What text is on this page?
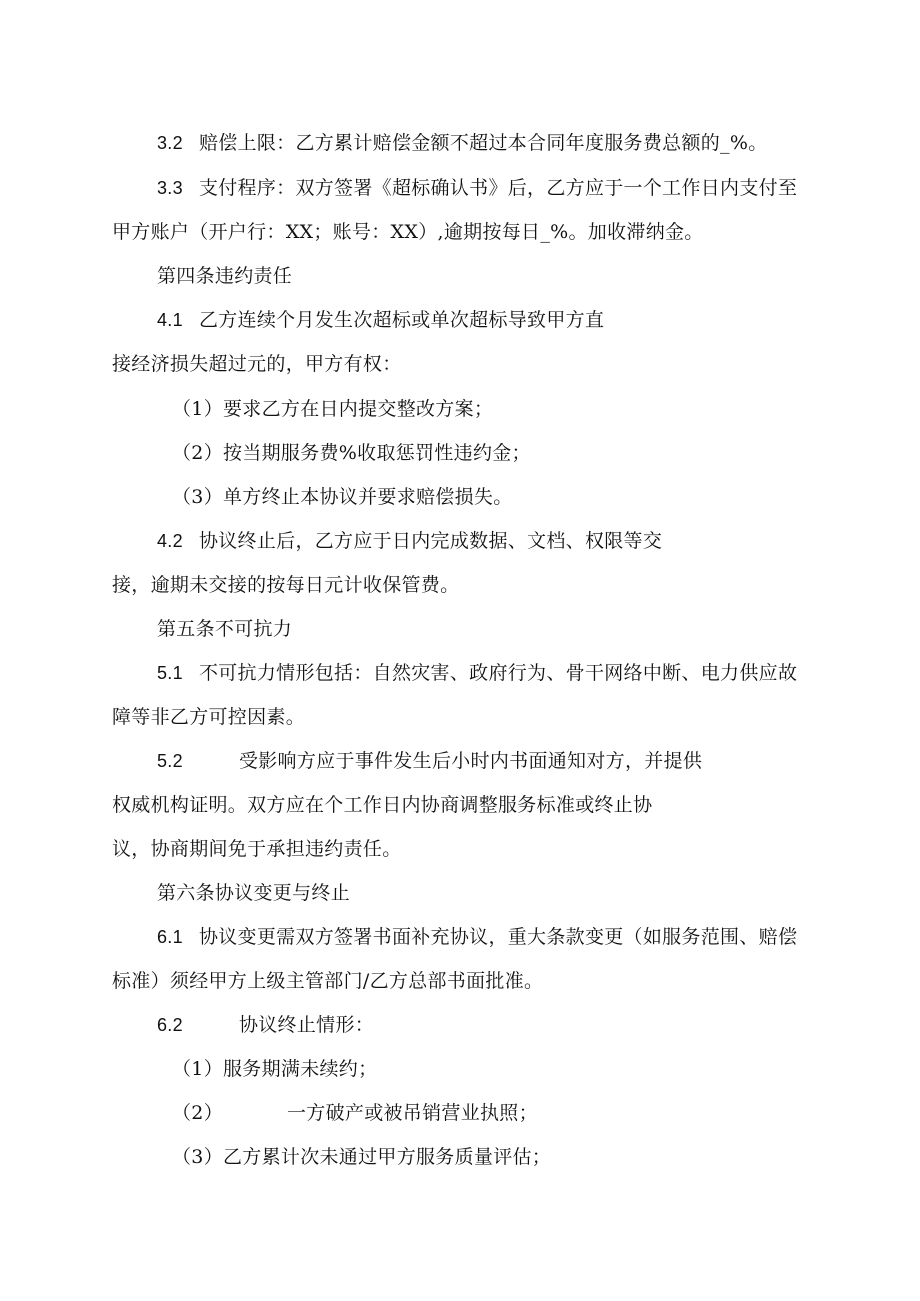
3.2 赔偿上限：乙方累计赔偿金额不超过本合同年度服务费总额的_%。
3.3 支付程序：双方签署《超标确认书》后，乙方应于一个工作日内支付至
甲方账户（开户行：XX；账号：XX）,逾期按每日_%。加收滞纳金。
第四条违约责任
4.1 乙方连续个月发生次超标或单次超标导致甲方直
接经济损失超过元的，甲方有权：
（1）要求乙方在日内提交整改方案；
（2）按当期服务费%收取惩罚性违约金；
（3）单方终止本协议并要求赔偿损失。
4.2 协议终止后，乙方应于日内完成数据、文档、权限等交
接，逾期未交接的按每日元计收保管费。
第五条不可抗力
5.1 不可抗力情形包括：自然灾害、政府行为、骨干网络中断、电力供应故
障等非乙方可控因素。
5.2	受影响方应于事件发生后小时内书面通知对方，并提供
权威机构证明。双方应在个工作日内协商调整服务标准或终止协
议，协商期间免于承担违约责任。
第六条协议变更与终止
6.1 协议变更需双方签署书面补充协议，重大条款变更（如服务范围、赔偿
标准）须经甲方上级主管部门/乙方总部书面批准。
6.2	协议终止情形：
（1）服务期满未续约；
（2）	一方破产或被吊销营业执照；
（3）乙方累计次未通过甲方服务质量评估；
